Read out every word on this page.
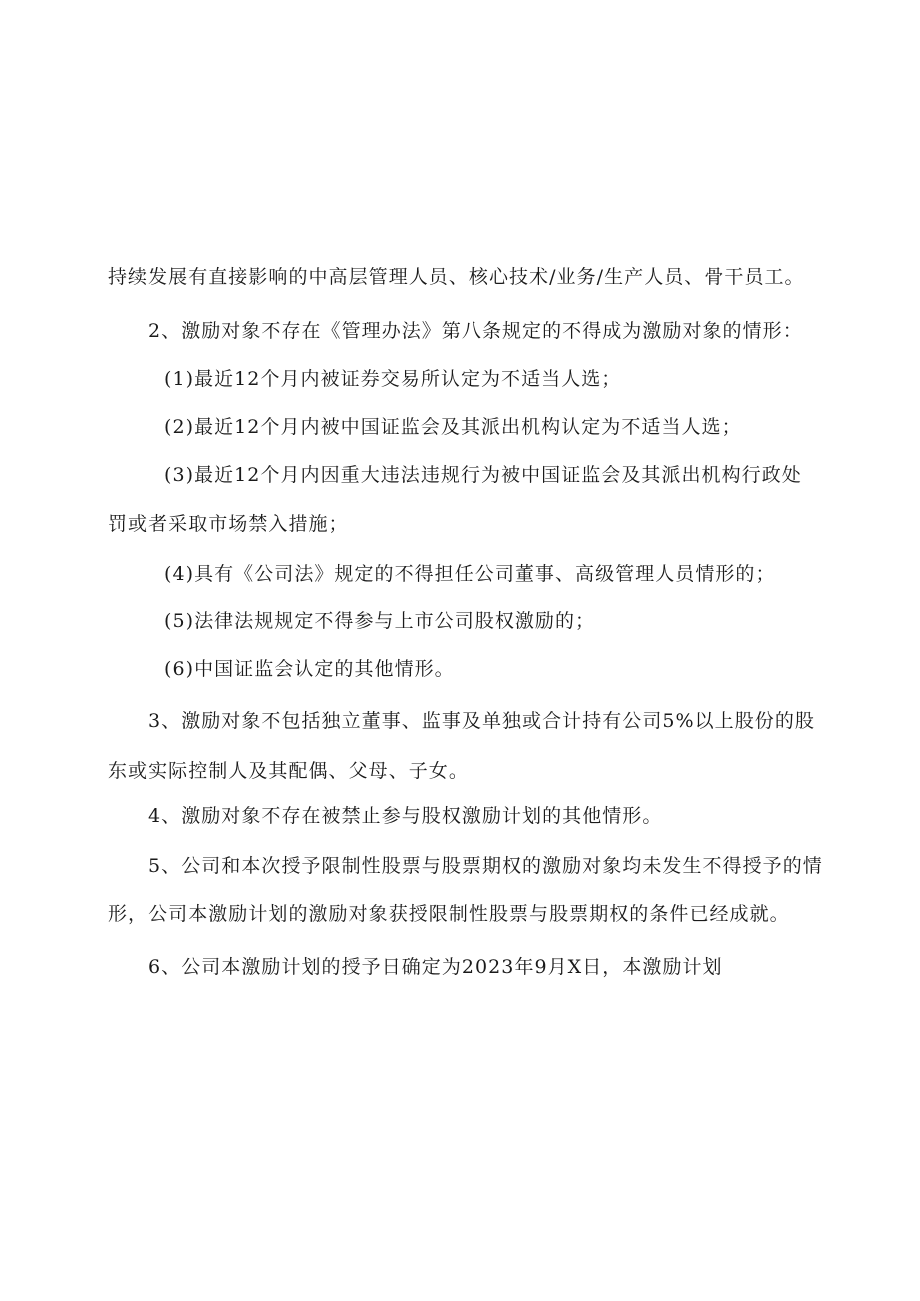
持续发展有直接影响的中高层管理人员、核心技术/业务/生产人员、骨干员工。
2、激励对象不存在《管理办法》第八条规定的不得成为激励对象的情形：
(1)最近12个月内被证券交易所认定为不适当人选；
(2)最近12个月内被中国证监会及其派出机构认定为不适当人选；
(3)最近12个月内因重大违法违规行为被中国证监会及其派出机构行政处
罚或者采取市场禁入措施；
(4)具有《公司法》规定的不得担任公司董事、高级管理人员情形的；
(5)法律法规规定不得参与上市公司股权激励的；
(6)中国证监会认定的其他情形。
3、激励对象不包括独立董事、监事及单独或合计持有公司5%以上股份的股
东或实际控制人及其配偶、父母、子女。
4、激励对象不存在被禁止参与股权激励计划的其他情形。
5、公司和本次授予限制性股票与股票期权的激励对象均未发生不得授予的情
形，公司本激励计划的激励对象获授限制性股票与股票期权的条件已经成就。
6、公司本激励计划的授予日确定为2023年9月X日，本激励计划
